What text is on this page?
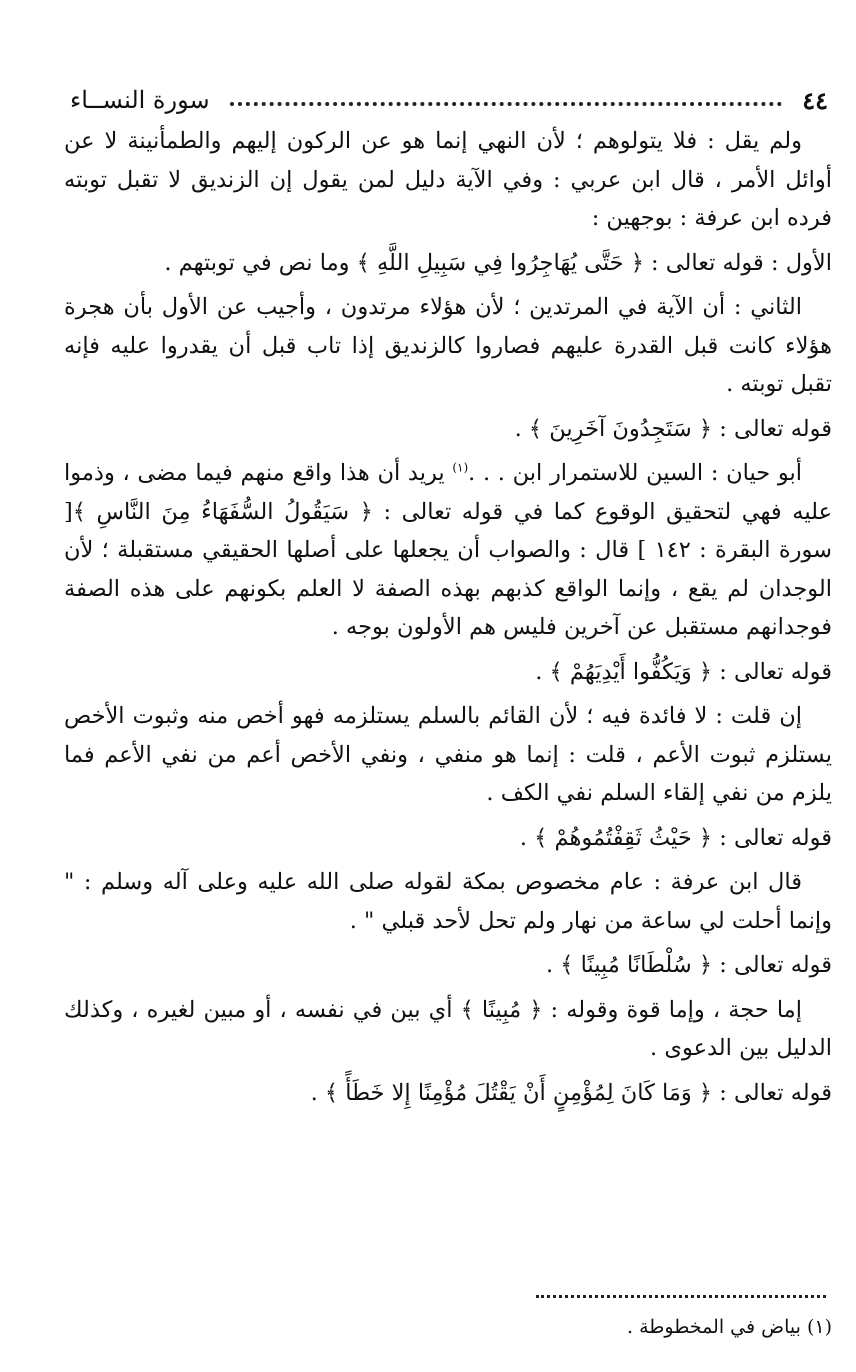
٤٤
سورة النســاء

ولم يقل : فلا يتولوهم ؛ لأن النهي إنما هو عن الركون إليهم والطمأنينة لا عن أوائل الأمر ، قال ابن عربي : وفي الآية دليل لمن يقول إن الزنديق لا تقبل توبته فرده ابن عرفة : بوجهين :

الأول : قوله تعالى : ﴿ حَتَّى يُهَاجِرُوا فِي سَبِيلِ اللَّهِ ﴾ وما نص في توبتهم .

الثاني : أن الآية في المرتدين ؛ لأن هؤلاء مرتدون ، وأجيب عن الأول بأن هجرة هؤلاء كانت قبل القدرة عليهم فصاروا كالزنديق إذا تاب قبل أن يقدروا عليه فإنه تقبل توبته .

قوله تعالى : ﴿ سَتَجِدُونَ آخَرِينَ ﴾ .

أبو حيان : السين للاستمرار ابن . . .$^{(١)}$ يريد أن هذا واقع منهم فيما مضى ، وذموا عليه فهي لتحقيق الوقوع كما في قوله تعالى : ﴿ سَيَقُولُ السُّفَهَاءُ مِنَ النَّاسِ ﴾[ سورة البقرة : ١٤٢ ] قال : والصواب أن يجعلها على أصلها الحقيقي مستقبلة ؛ لأن الوجدان لم يقع ، وإنما الواقع كذبهم بهذه الصفة لا العلم بكونهم على هذه الصفة فوجدانهم مستقبل عن آخرين فليس هم الأولون بوجه .

قوله تعالى : ﴿ وَيَكُفُّوا أَيْدِيَهُمْ ﴾ .

إن قلت : لا فائدة فيه ؛ لأن القائم بالسلم يستلزمه فهو أخص منه وثبوت الأخص يستلزم ثبوت الأعم ، قلت : إنما هو منفي ، ونفي الأخص أعم من نفي الأعم فما يلزم من نفي إلقاء السلم نفي الكف .

قوله تعالى : ﴿ حَيْثُ ثَقِفْتُمُوهُمْ ﴾ .

قال ابن عرفة : عام مخصوص بمكة لقوله صلى الله عليه وعلى آله وسلم : " وإنما أحلت لي ساعة من نهار ولم تحل لأحد قبلي " .

قوله تعالى : ﴿ سُلْطَانًا مُبِينًا ﴾ .

إما حجة ، وإما قوة وقوله : ﴿ مُبِينًا ﴾ أي بين في نفسه ، أو مبين لغيره ، وكذلك الدليل بين الدعوى .

قوله تعالى : ﴿ وَمَا كَانَ لِمُؤْمِنٍ أَنْ يَقْتُلَ مُؤْمِنًا إِلا خَطَأً ﴾ .

(١) بياض في المخطوطة .
